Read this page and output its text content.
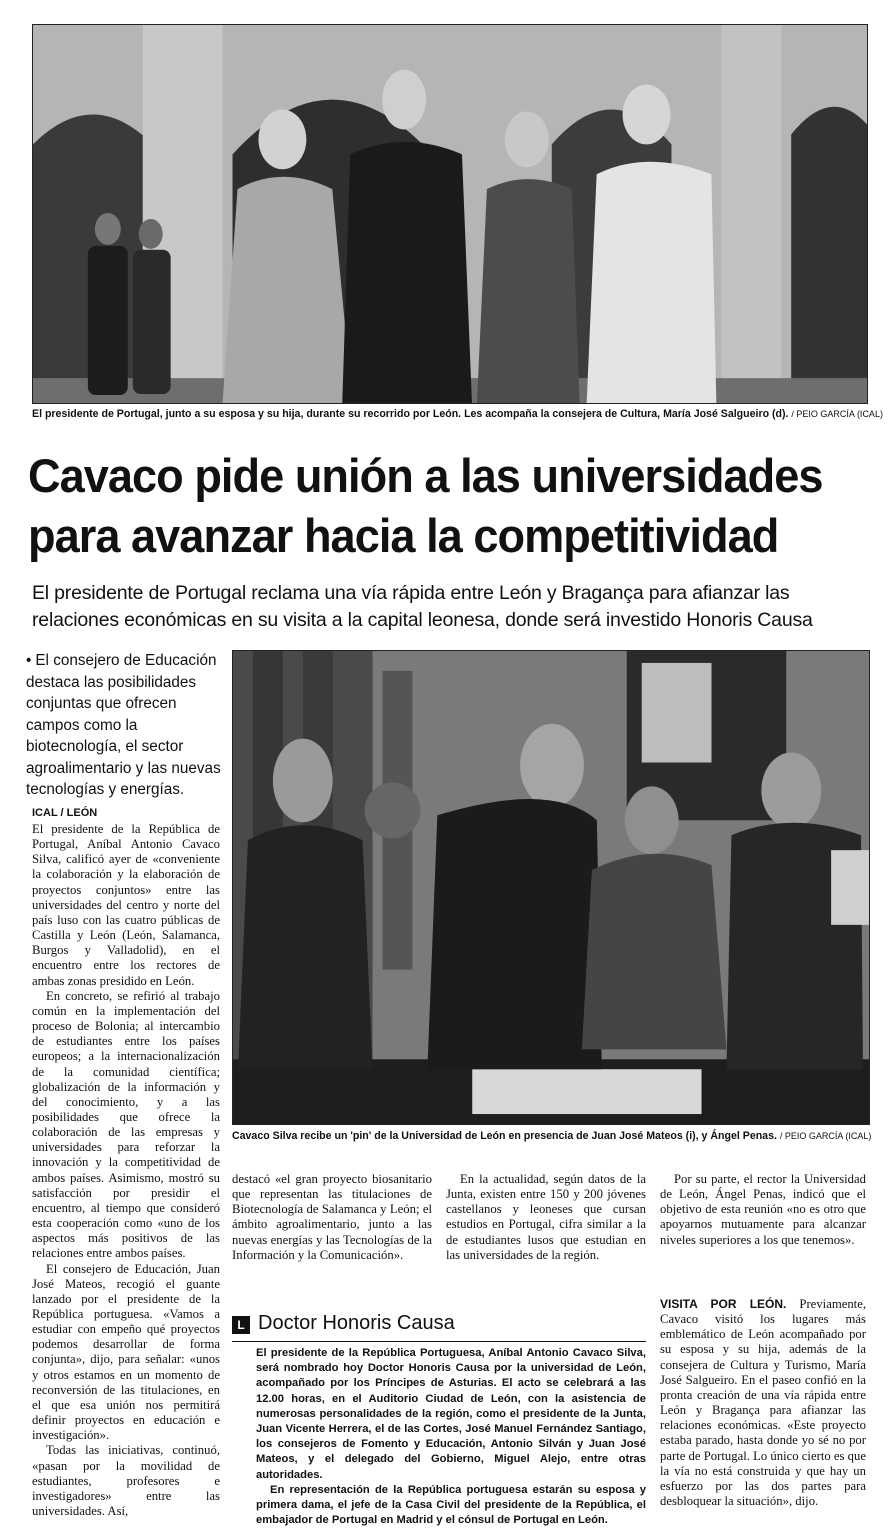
El presidente de Portugal, junto a su esposa y su hija, durante su recorrido por León. Les acompaña la consejera de Cultura, María José Salgueiro (d). / PEIO GARCÍA (ICAL)
Cavaco pide unión a las universidades
para avanzar hacia la competitividad
El presidente de Portugal reclama una vía rápida entre León y Bragança para afianzar las relaciones económicas en su visita a la capital leonesa, donde será investido Honoris Causa
• El consejero de Educación destaca las posibilidades conjuntas que ofrecen campos como la biotecnología, el sector agroalimentario y las nuevas tecnologías y energías.
ICAL / LEÓN

El presidente de la República de Portugal, Aníbal Antonio Cavaco Silva, calificó ayer de «conveniente la colaboración y la elaboración de proyectos conjuntos» entre las universidades del centro y norte del país luso con las cuatro públicas de Castilla y León (León, Salamanca, Burgos y Valladolid), en el encuentro entre los rectores de ambas zonas presidido en León.

En concreto, se refirió al trabajo común en la implementación del proceso de Bolonia; al intercambio de estudiantes entre los países europeos; a la internacionalización de la comunidad científica; globalización de la información y del conocimiento, y a las posibilidades que ofrece la colaboración de las empresas y universidades para reforzar la innovación y la competitividad de ambos países. Asimismo, mostró su satisfacción por presidir el encuentro, al tiempo que consideró esta cooperación como «uno de los aspectos más positivos de las relaciones entre ambos países.

El consejero de Educación, Juan José Mateos, recogió el guante lanzado por el presidente de la República portuguesa. «Vamos a estudiar con empeño qué proyectos podemos desarrollar de forma conjunta», dijo, para señalar: «unos y otros estamos en un momento de reconversión de las titulaciones, en el que esa unión nos permitirá definir proyectos en educación e investigación».

Todas las iniciativas, continuó, «pasan por la movilidad de estudiantes, profesores e investigadores» entre las universidades. Así,

Cavaco Silva recibe un 'pin' de la Universidad de León en presencia de Juan José Mateos (i), y Ángel Penas. / PEIO GARCÍA (ICAL)

destacó «el gran proyecto biosanitario que representan las titulaciones de Biotecnología de Salamanca y León; el ámbito agroalimentario, junto a las nuevas energías y las Tecnologías de la Información y la Comunicación».

En la actualidad, según datos de la Junta, existen entre 150 y 200 jóvenes castellanos y leoneses que cursan estudios en Portugal, cifra similar a la de estudiantes lusos que estudian en las universidades de la región.

Por su parte, el rector la Universidad de León, Ángel Penas, indicó que el objetivo de esta reunión «no es otro que apoyarnos mutuamente para alcanzar niveles superiores a los que tenemos».

VISITA POR LEÓN. Previamente, Cavaco visitó los lugares más emblemático de León acompañado por su esposa y su hija, además de la consejera de Cultura y Turismo, María José Salgueiro. En el paseo confió en la pronta creación de una vía rápida entre León y Bragança para afianzar las relaciones económicas. «Este proyecto estaba parado, hasta donde yo sé no por parte de Portugal. Lo único cierto es que la vía no está construida y que hay un esfuerzo por las dos partes para desbloquear la situación», dijo.

L Doctor Honoris Causa

El presidente de la República Portuguesa, Aníbal Antonio Cavaco Silva, será nombrado hoy Doctor Honoris Causa por la universidad de León, acompañado por los Príncipes de Asturias. El acto se celebrará a las 12.00 horas, en el Auditorio Ciudad de León, con la asistencia de numerosas personalidades de la región, como el presidente de la Junta, Juan Vicente Herrera, el de las Cortes, José Manuel Fernández Santiago, los consejeros de Fomento y Educación, Antonio Silván y Juan José Mateos, y el delegado del Gobierno, Miguel Alejo, entre otras autoridades.

En representación de la República portuguesa estarán su esposa y primera dama, el jefe de la Casa Civil del presidente de la República, el embajador de Portugal en Madrid y el cónsul de Portugal en León.
